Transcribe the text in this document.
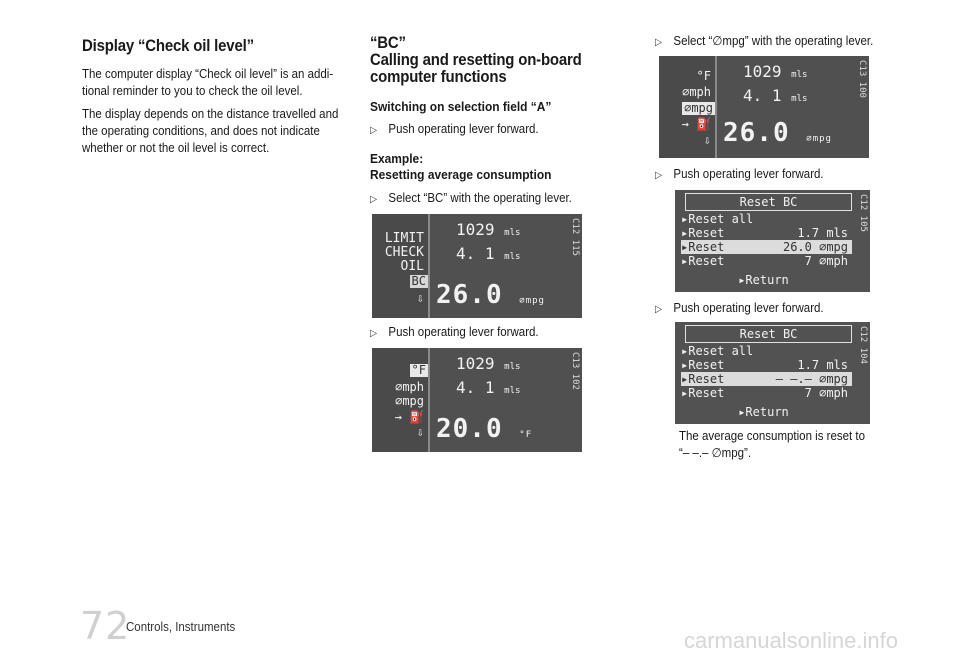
Display “Check oil level”

The computer display “Check oil level” is an addi-

tional reminder to you to check the oil level.

The display depends on the distance travelled and

the operating conditions, and does not indicate

whether or not the oil level is correct.

“BC”
Calling and resetting on-board
computer functions
Switching on selection field “A”
▷ Push operating lever forward.
Example:
Resetting average consumption
▷ Select “BC” with the operating lever.
LIMIT
CHECK
OIL
BC
⇩
1029 mls
4. 1 mls
26.0 ∅mpg
C12 115
▷ Push operating lever forward.
°F
∅mph
∅mpg
→ ⛽
⇩
1029 mls
4. 1 mls
20.0 °F
C13 102
▷ Select “∅mpg” with the operating lever.
°F
∅mph
∅mpg
→ ⛽
⇩
1029 mls
4. 1 mls
26.0 ∅mpg
C13 100
▷ Push operating lever forward.
Reset BC
▸Reset all
▸Reset	1.7 mls
▸Reset	26.0 ∅mpg
▸Reset	7 ∅mph
▸Return
C12 105
▷ Push operating lever forward.
Reset BC
▸Reset all
▸Reset	1.7 mls
▸Reset	– –.– ∅mpg
▸Reset	7 ∅mph
▸Return
C12 104

The average consumption is reset to

“– –.– ∅mpg”.

72
Controls, Instruments
carmanualsonline.info
